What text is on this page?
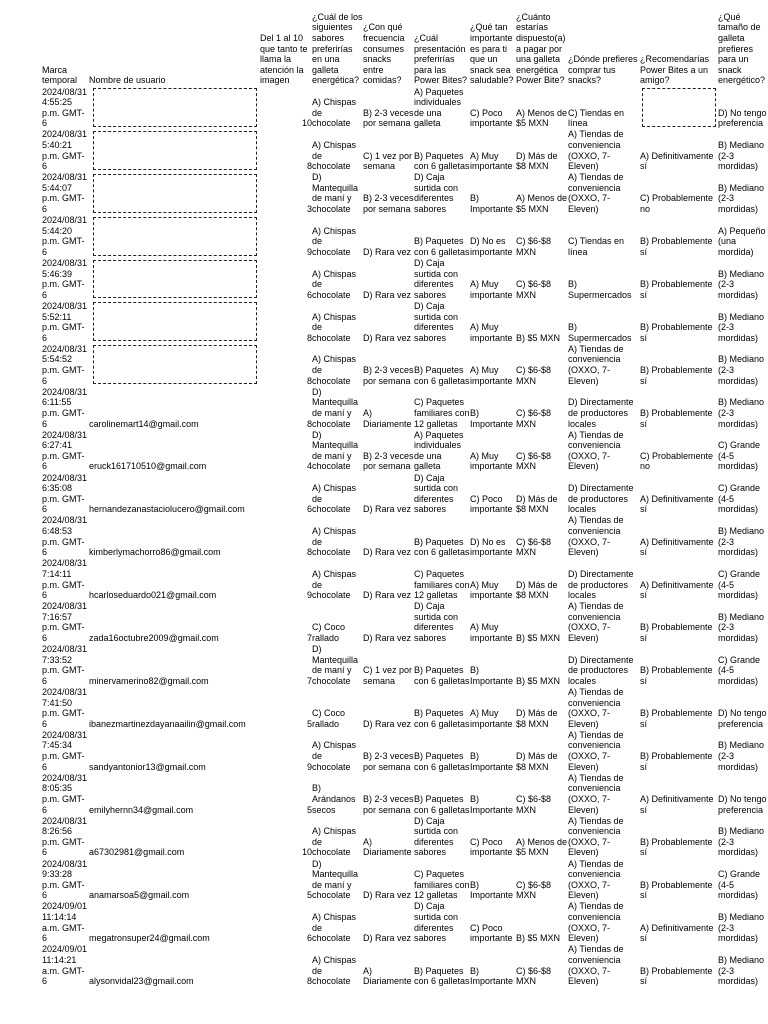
Marca temporal	Nombre de usuario	Del 1 al 10 que tanto te llama la atención la imagen	¿Cuál de los siguientes sabores preferirías en una galleta energética?	¿Con qué frecuencia consumes snacks entre comidas?	¿Cuál presentación preferirías para las Power Bites?	¿Qué tan importante es para ti que un snack sea saludable?	¿Cuánto estarías dispuesto(a) a pagar por una galleta energética Power Bite?	¿Dónde prefieres comprar tus snacks?	¿Recomendarías Power Bites a un amigo?	¿Qué tamaño de galleta prefieres para un snack energético?
2024/08/31 4:55:25 p.m. GMT-6		10	A) Chispas de chocolate	B) 2-3 veces por semana	A) Paquetes individuales de una galleta	C) Poco importante	A) Menos de $5 MXN	C) Tiendas en línea		D) No tengo preferencia
2024/08/31 5:40:21 p.m. GMT-6		8	A) Chispas de chocolate	C) 1 vez por semana	B) Paquetes con 6 galletas	A) Muy importante	D) Más de $8 MXN	A) Tiendas de conveniencia (OXXO, 7-Eleven)	A) Definitivamente sí	B) Mediano (2-3 mordidas)
2024/08/31 5:44:07 p.m. GMT-6		3	D) Mantequilla de maní y chocolate	B) 2-3 veces por semana	D) Caja surtida con diferentes sabores	B) Importante	A) Menos de $5 MXN	A) Tiendas de conveniencia (OXXO, 7-Eleven)	C) Probablemente no	B) Mediano (2-3 mordidas)
2024/08/31 5:44:20 p.m. GMT-6		9	A) Chispas de chocolate	D) Rara vez	B) Paquetes con 6 galletas	D) No es importante	C) $6-$8 MXN	C) Tiendas en línea	B) Probablemente sí	A) Pequeño (una mordida)
2024/08/31 5:46:39 p.m. GMT-6		6	A) Chispas de chocolate	D) Rara vez	D) Caja surtida con diferentes sabores	A) Muy importante	C) $6-$8 MXN	B) Supermercados	B) Probablemente sí	B) Mediano (2-3 mordidas)
2024/08/31 5:52:11 p.m. GMT-6		8	A) Chispas de chocolate	D) Rara vez	D) Caja surtida con diferentes sabores	A) Muy importante	B) $5 MXN	B) Supermercados	B) Probablemente sí	B) Mediano (2-3 mordidas)
2024/08/31 5:54:52 p.m. GMT-6		8	A) Chispas de chocolate	B) 2-3 veces por semana	B) Paquetes con 6 galletas	A) Muy importante	C) $6-$8 MXN	A) Tiendas de conveniencia (OXXO, 7-Eleven)	B) Probablemente sí	B) Mediano (2-3 mordidas)
2024/08/31 6:11:55 p.m. GMT-6	carolinemart14@gmail.com	8	D) Mantequilla de maní y chocolate	A) Diariamente	C) Paquetes familiares con 12 galletas	B) Importante	C) $6-$8 MXN	D) Directamente de productores locales	B) Probablemente sí	B) Mediano (2-3 mordidas)
2024/08/31 6:27:41 p.m. GMT-6	eruck161710510@gmail.com	4	D) Mantequilla de maní y chocolate	B) 2-3 veces por semana	A) Paquetes individuales de una galleta	A) Muy importante	C) $6-$8 MXN	A) Tiendas de conveniencia (OXXO, 7-Eleven)	C) Probablemente no	C) Grande (4-5 mordidas)
2024/08/31 6:35:08 p.m. GMT-6	hernandezanastaciolucero@gmail.com	6	A) Chispas de chocolate	D) Rara vez	D) Caja surtida con diferentes sabores	C) Poco importante	D) Más de $8 MXN	D) Directamente de productores locales	A) Definitivamente sí	C) Grande (4-5 mordidas)
2024/08/31 6:48:53 p.m. GMT-6	kimberlymachorro86@gmail.com	8	A) Chispas de chocolate	D) Rara vez	B) Paquetes con 6 galletas	D) No es importante	C) $6-$8 MXN	A) Tiendas de conveniencia (OXXO, 7-Eleven)	A) Definitivamente sí	B) Mediano (2-3 mordidas)
2024/08/31 7:14:11 p.m. GMT-6	hcarloseduardo021@gmail.com	9	A) Chispas de chocolate	D) Rara vez	C) Paquetes familiares con 12 galletas	A) Muy importante	D) Más de $8 MXN	D) Directamente de productores locales	A) Definitivamente sí	C) Grande (4-5 mordidas)
2024/08/31 7:16:57 p.m. GMT-6	zada16octubre2009@gmail.com	7	C) Coco rallado	D) Rara vez	D) Caja surtida con diferentes sabores	A) Muy importante	B) $5 MXN	A) Tiendas de conveniencia (OXXO, 7-Eleven)	B) Probablemente sí	B) Mediano (2-3 mordidas)
2024/08/31 7:33:52 p.m. GMT-6	minervamerino82@gmail.com	7	D) Mantequilla de maní y chocolate	C) 1 vez por semana	B) Paquetes con 6 galletas	B) Importante	B) $5 MXN	D) Directamente de productores locales	B) Probablemente sí	C) Grande (4-5 mordidas)
2024/08/31 7:41:50 p.m. GMT-6	ibanezmartinezdayanaailin@gmail.com	5	C) Coco rallado	D) Rara vez	B) Paquetes con 6 galletas	A) Muy importante	D) Más de $8 MXN	A) Tiendas de conveniencia (OXXO, 7-Eleven)	B) Probablemente sí	D) No tengo preferencia
2024/08/31 7:45:34 p.m. GMT-6	sandyantonior13@gmail.com	9	A) Chispas de chocolate	B) 2-3 veces por semana	B) Paquetes con 6 galletas	B) Importante	D) Más de $8 MXN	A) Tiendas de conveniencia (OXXO, 7-Eleven)	B) Probablemente sí	B) Mediano (2-3 mordidas)
2024/08/31 8:05:35 p.m. GMT-6	emilyhernn34@gmail.com	5	B) Arándanos secos	B) 2-3 veces por semana	B) Paquetes con 6 galletas	B) Importante	C) $6-$8 MXN	A) Tiendas de conveniencia (OXXO, 7-Eleven)	A) Definitivamente sí	D) No tengo preferencia
2024/08/31 8:26:56 p.m. GMT-6	a67302981@gmail.com	10	A) Chispas de chocolate	A) Diariamente	D) Caja surtida con diferentes sabores	C) Poco importante	A) Menos de $5 MXN	A) Tiendas de conveniencia (OXXO, 7-Eleven)	B) Probablemente sí	B) Mediano (2-3 mordidas)
2024/08/31 9:33:28 p.m. GMT-6	anamarsoa5@gmail.com	5	D) Mantequilla de maní y chocolate	D) Rara vez	C) Paquetes familiares con 12 galletas	B) Importante	C) $6-$8 MXN	A) Tiendas de conveniencia (OXXO, 7-Eleven)	B) Probablemente sí	C) Grande (4-5 mordidas)
2024/09/01 11:14:14 a.m. GMT-6	megatronsuper24@gmail.com	6	A) Chispas de chocolate	D) Rara vez	D) Caja surtida con diferentes sabores	C) Poco importante	B) $5 MXN	A) Tiendas de conveniencia (OXXO, 7-Eleven)	A) Definitivamente sí	B) Mediano (2-3 mordidas)
2024/09/01 11:14:21 a.m. GMT-6	alysonvidal23@gmail.com	8	A) Chispas de chocolate	A) Diariamente	B) Paquetes con 6 galletas	B) Importante	C) $6-$8 MXN	A) Tiendas de conveniencia (OXXO, 7-Eleven)	B) Probablemente sí	B) Mediano (2-3 mordidas)
